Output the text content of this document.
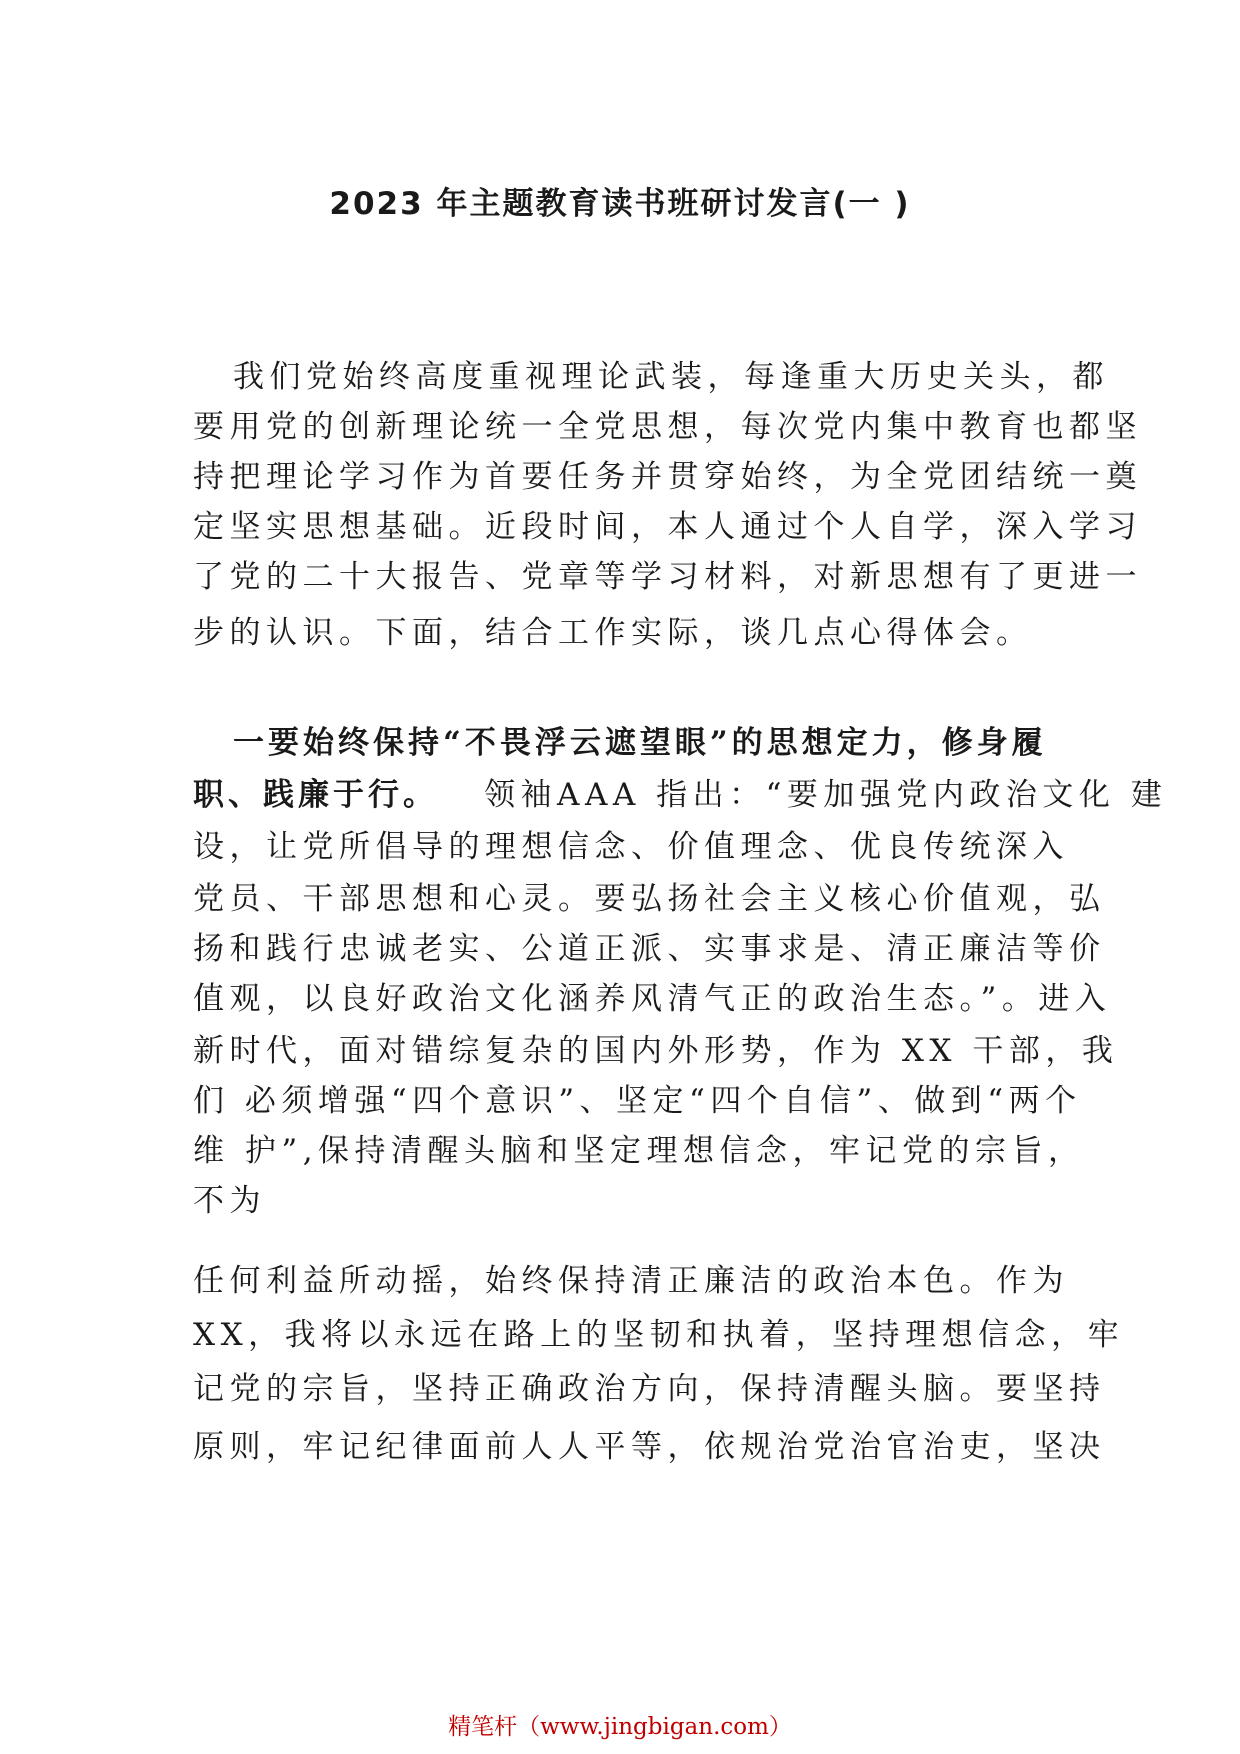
2023 年主题教育读书班研讨发言(一 )
我们党始终高度重视理论武装，每逢重大历史关头，都
要用党的创新理论统一全党思想，每次党内集中教育也都坚
持把理论学习作为首要任务并贯穿始终，为全党团结统一奠
定坚实思想基础。近段时间，本人通过个人自学，深入学习
了党的二十大报告、党章等学习材料，对新思想有了更进一
步的认识。下面，结合工作实际，谈几点心得体会。
一要始终保持“不畏浮云遮望眼”的思想定力，修身履
职、践廉于行。 领袖AAA 指出：“要加强党内政治文化 建
设，让党所倡导的理想信念、价值理念、优良传统深入
党员、干部思想和心灵。要弘扬社会主义核心价值观，弘
扬和践行忠诚老实、公道正派、实事求是、清正廉洁等价
值观，以良好政治文化涵养风清气正的政治生态。”。进入
新时代，面对错综复杂的国内外形势，作为 XX 干部，我
们 必须增强“四个意识”、坚定“四个自信”、做到“两个
维 护”,保持清醒头脑和坚定理想信念，牢记党的宗旨，
不为
任何利益所动摇，始终保持清正廉洁的政治本色。作为
XX，我将以永远在路上的坚韧和执着，坚持理想信念，牢
记党的宗旨，坚持正确政治方向，保持清醒头脑。要坚持
原则，牢记纪律面前人人平等，依规治党治官治吏，坚决
精笔杆（www.jingbigan.com）
